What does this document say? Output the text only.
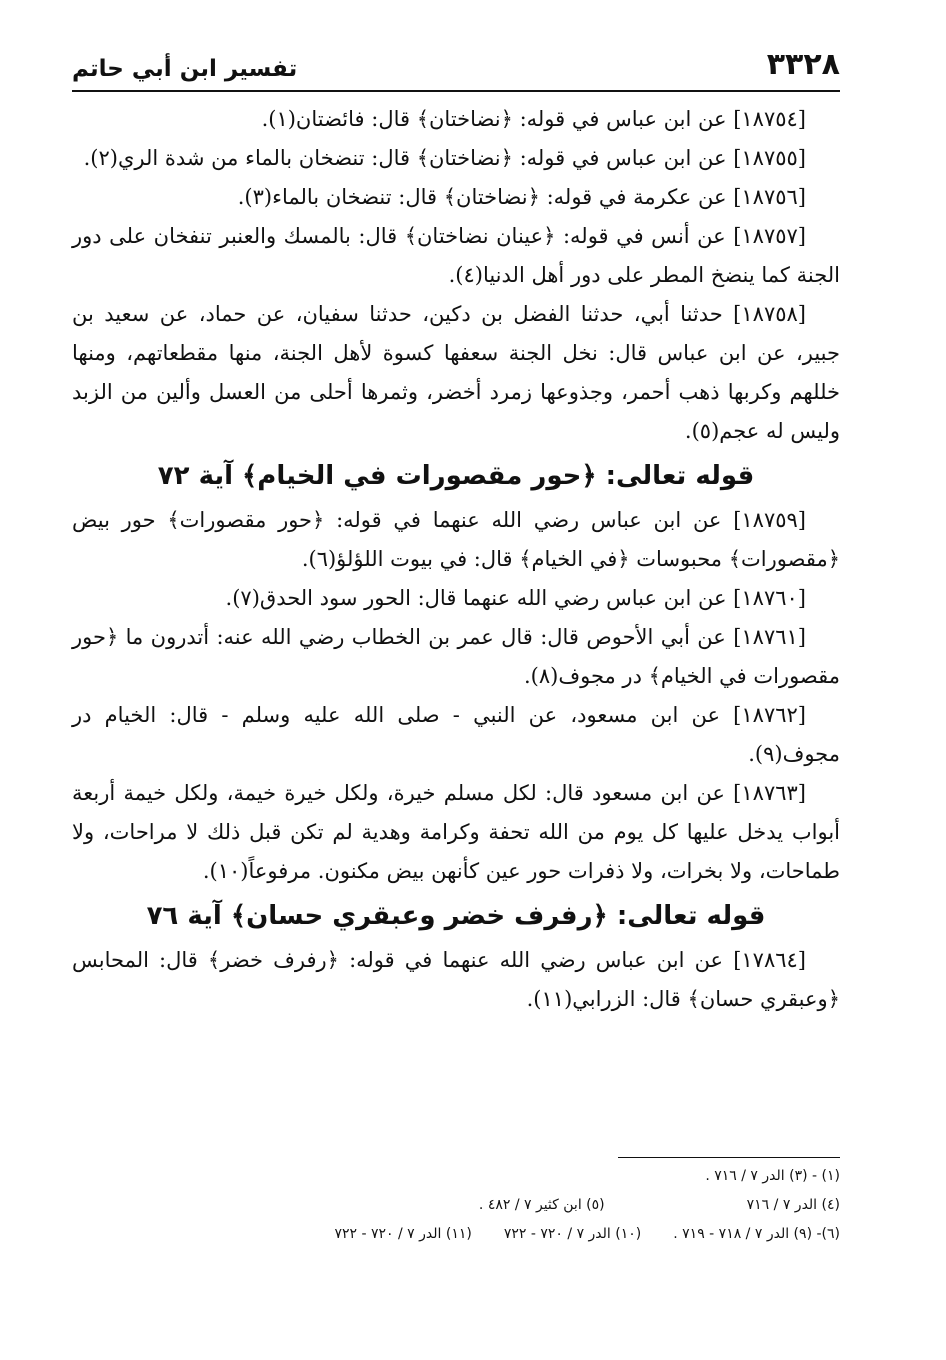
٣٣٢٨
تفسير ابن أبي حاتم

[١٨٧٥٤] عن ابن عباس في قوله: ﴿نضاختان﴾ قال: فائضتان(١).

[١٨٧٥٥] عن ابن عباس في قوله: ﴿نضاختان﴾ قال: تنضخان بالماء من شدة الري(٢).

[١٨٧٥٦] عن عكرمة في قوله: ﴿نضاختان﴾ قال: تنضخان بالماء(٣).

[١٨٧٥٧] عن أنس في قوله: ﴿عينان نضاختان﴾ قال: بالمسك والعنبر تنفخان على دور الجنة كما ينضخ المطر على دور أهل الدنيا(٤).

[١٨٧٥٨] حدثنا أبي، حدثنا الفضل بن دكين، حدثنا سفيان، عن حماد، عن سعيد بن جبير، عن ابن عباس قال: نخل الجنة سعفها كسوة لأهل الجنة، منها مقطعاتهم، ومنها خللهم وكربها ذهب أحمر، وجذوعها زمرد أخضر، وثمرها أحلى من العسل وألين من الزبد وليس له عجم(٥).

قوله تعالى: ﴿حور مقصورات في الخيام﴾ آية ٧٢

[١٨٧٥٩] عن ابن عباس رضي الله عنهما في قوله: ﴿حور مقصورات﴾ حور بيض ﴿مقصورات﴾ محبوسات ﴿في الخيام﴾ قال: في بيوت اللؤلؤ(٦).

[١٨٧٦٠] عن ابن عباس رضي الله عنهما قال: الحور سود الحدق(٧).

[١٨٧٦١] عن أبي الأحوص قال: قال عمر بن الخطاب رضي الله عنه: أتدرون ما ﴿حور مقصورات في الخيام﴾ در مجوف(٨).

[١٨٧٦٢] عن ابن مسعود، عن النبي - صلى الله عليه وسلم - قال: الخيام در مجوف(٩).

[١٨٧٦٣] عن ابن مسعود قال: لكل مسلم خيرة، ولكل خيرة خيمة، ولكل خيمة أربعة أبواب يدخل عليها كل يوم من الله تحفة وكرامة وهدية لم تكن قبل ذلك لا مراحات، ولا طماحات، ولا بخرات، ولا ذفرات حور عين كأنهن بيض مكنون. مرفوعاً(١٠).

قوله تعالى: ﴿رفرف خضر وعبقري حسان﴾ آية ٧٦

[١٧٨٦٤] عن ابن عباس رضي الله عنهما في قوله: ﴿رفرف خضر﴾ قال: المحابس ﴿وعبقري حسان﴾ قال: الزرابي(١١).

(١) - (٣) الدر ٧ / ٧١٦ .
(٤) الدر ٧ / ٧١٦
(٥) ابن كثير ٧ / ٤٨٢ .
(٦)- (٩) الدر ٧ / ٧١٨ - ٧١٩ .
(١٠) الدر ٧ / ٧٢٠ - ٧٢٢
(١١) الدر ٧ / ٧٢٠ - ٧٢٢
